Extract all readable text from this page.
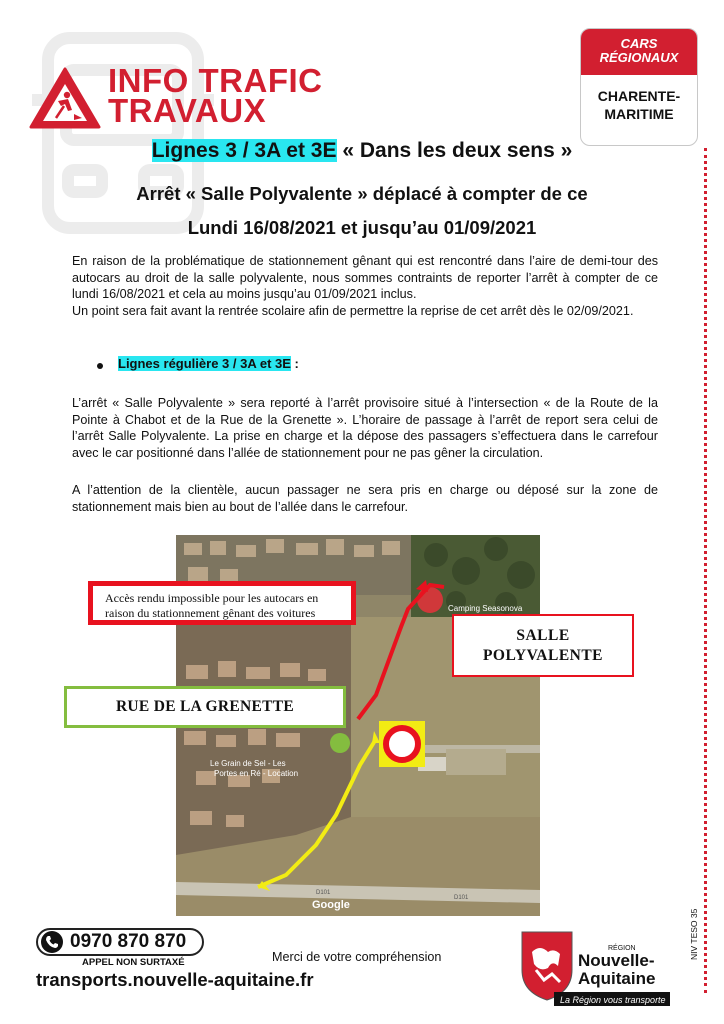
INFO TRAFIC
TRAVAUX
CARS
RÉGIONAUX
CHARENTE-
MARITIME
Lignes 3 / 3A et 3E « Dans les deux sens »
Arrêt « Salle Polyvalente » déplacé à compter de ce
Lundi 16/08/2021 et jusqu’au 01/09/2021
En raison de la problématique de stationnement gênant qui est rencontré dans l’aire de demi-tour des autocars au droit de la salle polyvalente, nous sommes contraints de reporter l’arrêt à compter de ce lundi 16/08/2021 et cela au moins jusqu’au 01/09/2021 inclus.
Un point sera fait avant la rentrée scolaire afin de permettre la reprise de cet arrêt dès le 02/09/2021.
Lignes régulière 3 / 3A et 3E :
L’arrêt « Salle Polyvalente » sera reporté à l’arrêt provisoire situé à l’intersection « de la Route de la Pointe à Chabot et de la Rue de la Grenette ». L’horaire de passage à l’arrêt de report sera celui de l’arrêt Salle Polyvalente. La prise en charge et la dépose des passagers s’effectuera dans le carrefour avec le car positionné dans l’allée de stationnement pour ne pas gêner la circulation.
A l’attention de la clientèle, aucun passager ne sera pris en charge ou déposé sur la zone de stationnement mais bien au bout de l’allée dans le carrefour.
Camping Seasonova
Le Grain de Sel - Les
Portes en Ré - Location
D101
D101
Google
Accès rendu impossible pour les autocars en
raison du stationnement gênant des voitures
SALLE
POLYVALENTE
RUE DE LA GRENETTE
0970 870 870
APPEL NON SURTAXÉ
transports.nouvelle-aquitaine.fr
Merci de votre compréhension
RÉGION
Nouvelle-
Aquitaine
La Région vous transporte
NIV TESO 35
